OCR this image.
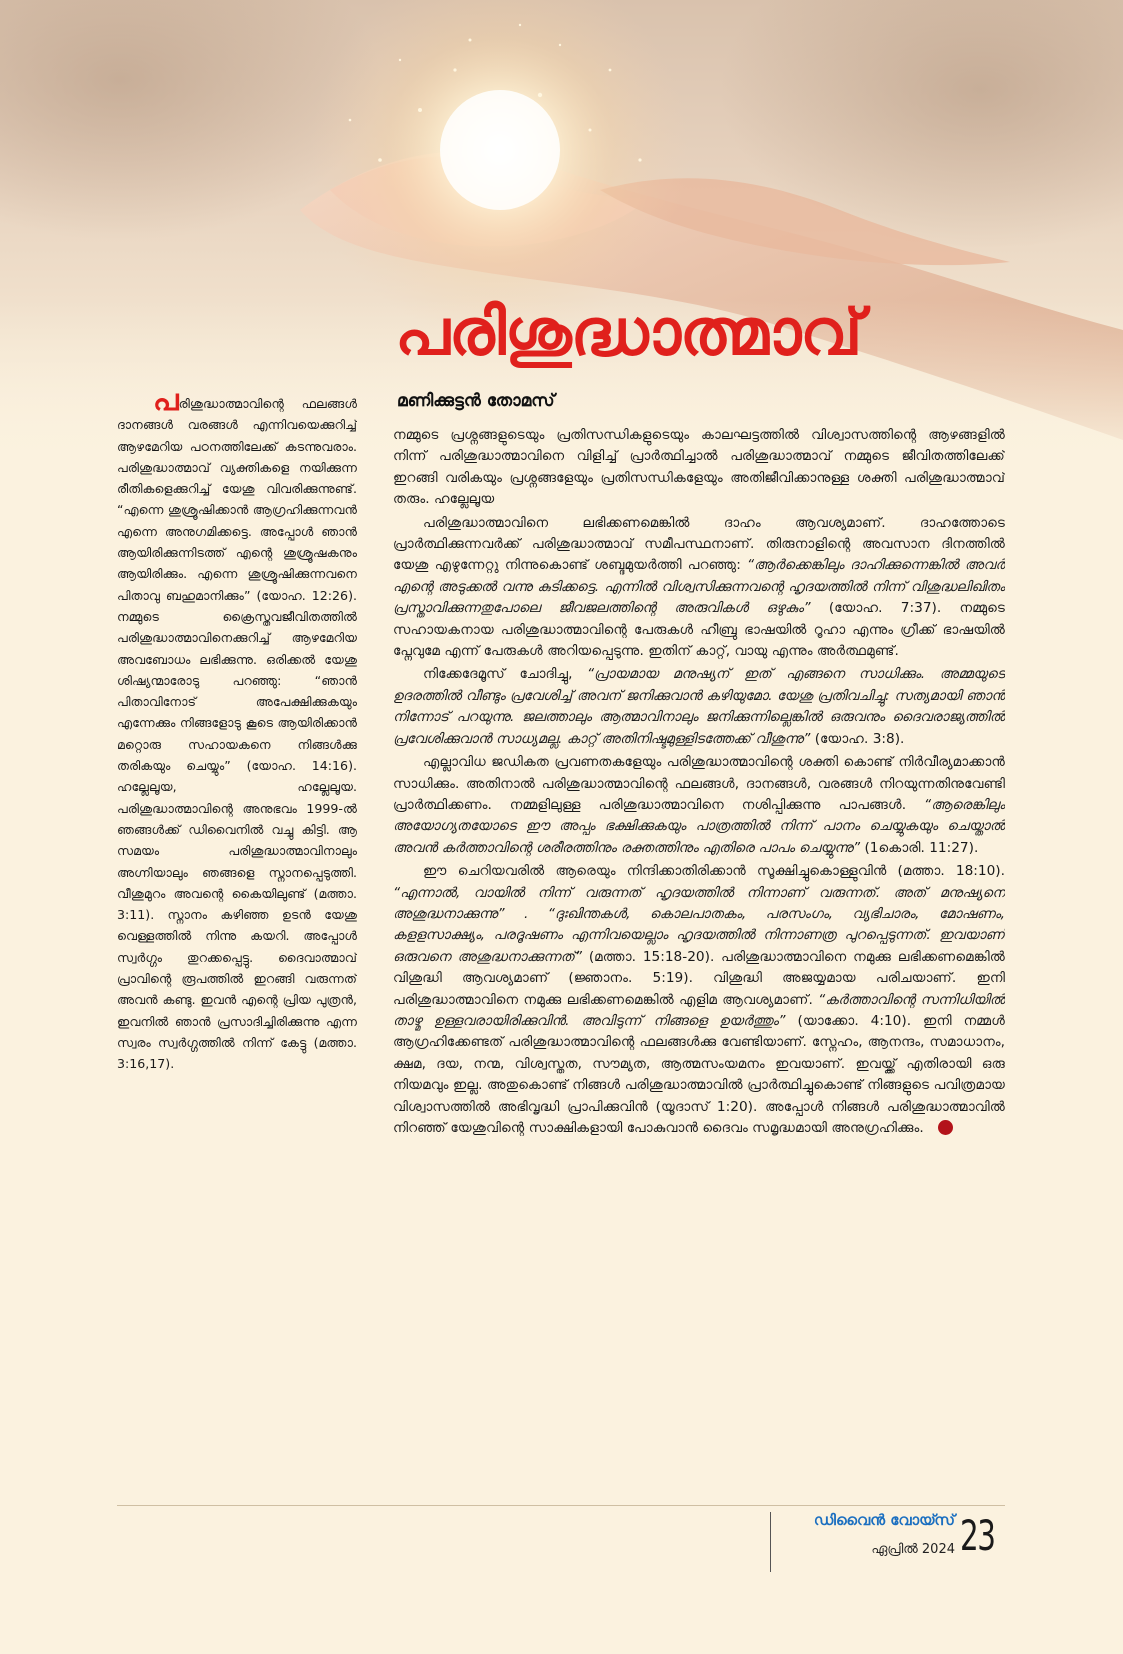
പരിശുദ്ധാത്മാവ്
മണിക്കുട്ടൻ തോമസ്

പരിശുദ്ധാത്മാവിന്റെ ഫലങ്ങൾ ദാനങ്ങൾ വരങ്ങൾ എന്നിവയെക്കുറിച്ച് ആഴമേറിയ പഠനത്തിലേക്ക് കടന്നുവരാം. പരിശുദ്ധാത്മാവ് വ്യക്തികളെ നയിക്കുന്ന രീതികളെക്കുറിച്ച് യേശു വിവരിക്കുന്നുണ്ട്. “എന്നെ ശുശ്രൂഷിക്കാൻ ആഗ്രഹിക്കുന്നവൻ എന്നെ അനുഗമിക്കട്ടെ. അപ്പോൾ ഞാൻ ആയിരിക്കുന്നിടത്ത് എന്റെ ശുശ്രൂഷകനും ആയിരിക്കും. എന്നെ ശുശ്രൂഷിക്കുന്നവനെ പിതാവു ബഹുമാനിക്കും” (യോഹ. 12:26). നമ്മുടെ ക്രൈസ്തവജീവിതത്തിൽ പരിശുദ്ധാത്മാവിനെക്കുറിച്ച് ആഴമേറിയ അവബോധം ലഭിക്കുന്നു. ഒരിക്കൽ യേശു ശിഷ്യന്മാരോടു പറഞ്ഞു: “ഞാൻ പിതാവിനോട് അപേക്ഷിക്കുകയും എന്നേക്കും നിങ്ങളോടു കൂടെ ആയിരിക്കാൻ മറ്റൊരു സഹായകനെ നിങ്ങൾക്കു തരികയും ചെയ്യും” (യോഹ. 14:16). ഹല്ലേലൂയ, ഹല്ലേലൂയ. പരിശുദ്ധാത്മാവിന്റെ അനുഭവം 1999-ൽ ഞങ്ങൾക്ക് ഡിവൈനിൽ വച്ചു കിട്ടി. ആ സമയം പരിശുദ്ധാത്മാവിനാലും അഗ്നിയാലും ഞങ്ങളെ സ്നാനപ്പെടുത്തി. വീശുമുറം അവന്റെ കൈയിലുണ്ട് (മത്താ. 3:11). സ്നാനം കഴിഞ്ഞ ഉടൻ യേശു വെള്ളത്തിൽ നിന്നു കയറി. അപ്പോൾ സ്വർഗ്ഗം തുറക്കപ്പെട്ടു. ദൈവാത്മാവ് പ്രാവിന്റെ രൂപത്തിൽ ഇറങ്ങി വരുന്നത് അവൻ കണ്ടു. ഇവൻ എന്റെ പ്രിയ പുത്രൻ, ഇവനിൽ ഞാൻ പ്രസാദിച്ചിരിക്കുന്നു എന്ന സ്വരം സ്വർഗ്ഗത്തിൽ നിന്ന് കേട്ടു (മത്താ. 3:16,17).

നമ്മുടെ പ്രശ്നങ്ങളുടെയും പ്രതിസന്ധികളുടെയും കാലഘട്ടത്തിൽ വിശ്വാസത്തിന്റെ ആഴങ്ങളിൽ നിന്ന് പരിശുദ്ധാത്മാവിനെ വിളിച്ച് പ്രാർത്ഥിച്ചാൽ പരിശുദ്ധാത്മാവ് നമ്മുടെ ജീവിതത്തിലേക്ക് ഇറങ്ങി വരികയും പ്രശ്നങ്ങളേയും പ്രതിസന്ധികളേയും അതിജീവിക്കാനുള്ള ശക്തി പരിശുദ്ധാത്മാവ് തരും. ഹല്ലേലൂയ

പരിശുദ്ധാത്മാവിനെ ലഭിക്കണമെങ്കിൽ ദാഹം ആവശ്യമാണ്. ദാഹത്തോടെ പ്രാർത്ഥിക്കുന്നവർക്ക് പരിശുദ്ധാത്മാവ് സമീപസ്ഥനാണ്. തിരുനാളിന്റെ അവസാന ദിനത്തിൽ യേശു എഴുന്നേറ്റു നിന്നുകൊണ്ട് ശബ്ദമുയർത്തി പറഞ്ഞു: “ആർക്കെങ്കിലും ദാഹിക്കുന്നെങ്കിൽ അവർ എന്റെ അടുക്കൽ വന്നു കുടിക്കട്ടെ. എന്നിൽ വിശ്വസിക്കുന്നവന്റെ ഹൃദയത്തിൽ നിന്ന് വിശുദ്ധലിഖിതം പ്രസ്താവിക്കുന്നതുപോലെ ജീവജലത്തിന്റെ അരുവികൾ ഒഴുകും” (യോഹ. 7:37). നമ്മുടെ സഹായകനായ പരിശുദ്ധാത്മാവിന്റെ പേരുകൾ ഹീബ്രു ഭാഷയിൽ റൂഹാ എന്നും ഗ്രീക്ക് ഭാഷയിൽ പ്നേവുമേ എന്ന് പേരുകൾ അറിയപ്പെടുന്നു. ഇതിന് കാറ്റ്, വായു എന്നും അർത്ഥമുണ്ട്.

നിക്കേദേമൂസ് ചോദിച്ചു, “പ്രായമായ മനുഷ്യന് ഇത് എങ്ങനെ സാധിക്കും. അമ്മയുടെ ഉദരത്തിൽ വീണ്ടും പ്രവേശിച്ച് അവന് ജനിക്കുവാൻ കഴിയുമോ. യേശു പ്രതിവചിച്ചു: സത്യമായി ഞാൻ നിന്നോട് പറയുന്നു. ജലത്താലും ആത്മാവിനാലും ജനിക്കുന്നില്ലെങ്കിൽ ഒരുവനും ദൈവരാജ്യത്തിൽ പ്രവേശിക്കുവാൻ സാധ്യമല്ല. കാറ്റ് അതിനിഷ്ടമുള്ളിടത്തേക്ക് വീശുന്നു” (യോഹ. 3:8).

എല്ലാവിധ ജഡികത പ്രവണതകളേയും പരിശുദ്ധാത്മാവിന്റെ ശക്തി കൊണ്ട് നിർവീര്യമാക്കാൻ സാധിക്കും. അതിനാൽ പരിശുദ്ധാത്മാവിന്റെ ഫലങ്ങൾ, ദാനങ്ങൾ, വരങ്ങൾ നിറയുന്നതിനുവേണ്ടി പ്രാർത്ഥിക്കണം. നമ്മളിലുള്ള പരിശുദ്ധാത്മാവിനെ നശിപ്പിക്കുന്നു പാപങ്ങൾ. “ആരെങ്കിലും അയോഗ്യതയോടെ ഈ അപ്പം ഭക്ഷിക്കുകയും പാത്രത്തിൽ നിന്ന് പാനം ചെയ്യുകയും ചെയ്താൽ അവൻ കർത്താവിന്റെ ശരീരത്തിനും രക്തത്തിനും എതിരെ പാപം ചെയ്യുന്നു” (1കൊരി. 11:27).

ഈ ചെറിയവരിൽ ആരെയും നിന്ദിക്കാതിരിക്കാൻ സൂക്ഷിച്ചുകൊള്ളുവിൻ (മത്താ. 18:10). “എന്നാൽ, വായിൽ നിന്ന് വരുന്നത് ഹൃദയത്തിൽ നിന്നാണ് വരുന്നത്. അത് മനുഷ്യനെ അശുദ്ധനാക്കുന്നു” . “ദുഃഖിന്തകൾ, കൊലപാതകം, പരസംഗം, വ്യഭിചാരം, മോഷണം, കളളസാക്ഷ്യം, പരദൂഷണം എന്നിവയെല്ലാം ഹൃദയത്തിൽ നിന്നാണത്ര പുറപ്പെടുന്നത്. ഇവയാണ് ഒരുവനെ അശുദ്ധനാക്കുന്നത്” (മത്താ. 15:18-20). പരിശുദ്ധാത്മാവിനെ നമുക്കു ലഭിക്കണമെങ്കിൽ വിശുദ്ധി ആവശ്യമാണ് (ജ്ഞാനം. 5:19). വിശുദ്ധി അജയ്യമായ പരിചയാണ്. ഇനി പരിശുദ്ധാത്മാവിനെ നമുക്കു ലഭിക്കണമെങ്കിൽ എളിമ ആവശ്യമാണ്. “കർത്താവിന്റെ സന്നിധിയിൽ താഴ്മ ഉള്ളവരായിരിക്കുവിൻ. അവിടുന്ന് നിങ്ങളെ ഉയർത്തും” (യാക്കോ. 4:10). ഇനി നമ്മൾ ആഗ്രഹിക്കേണ്ടത് പരിശുദ്ധാത്മാവിന്റെ ഫലങ്ങൾക്കു വേണ്ടിയാണ്. സ്നേഹം, ആനന്ദം, സമാധാനം, ക്ഷമ, ദയ, നന്മ, വിശ്വസ്തത, സൗമ്യത, ആത്മസംയമനം ഇവയാണ്. ഇവയ്ക്ക് എതിരായി ഒരു നിയമവും ഇല്ല. അതുകൊണ്ട് നിങ്ങൾ പരിശുദ്ധാത്മാവിൽ പ്രാർത്ഥിച്ചുകൊണ്ട് നിങ്ങളുടെ പവിത്രമായ വിശ്വാസത്തിൽ അഭിവൃദ്ധി പ്രാപിക്കുവിൻ (യൂദാസ് 1:20). അപ്പോൾ നിങ്ങൾ പരിശുദ്ധാത്മാവിൽ നിറഞ്ഞ് യേശുവിന്റെ സാക്ഷികളായി പോകുവാൻ ദൈവം സമൃദ്ധമായി അനുഗ്രഹിക്കും.

ഡിവൈൻ വോയ്സ്
ഏപ്രിൽ 2024 23
